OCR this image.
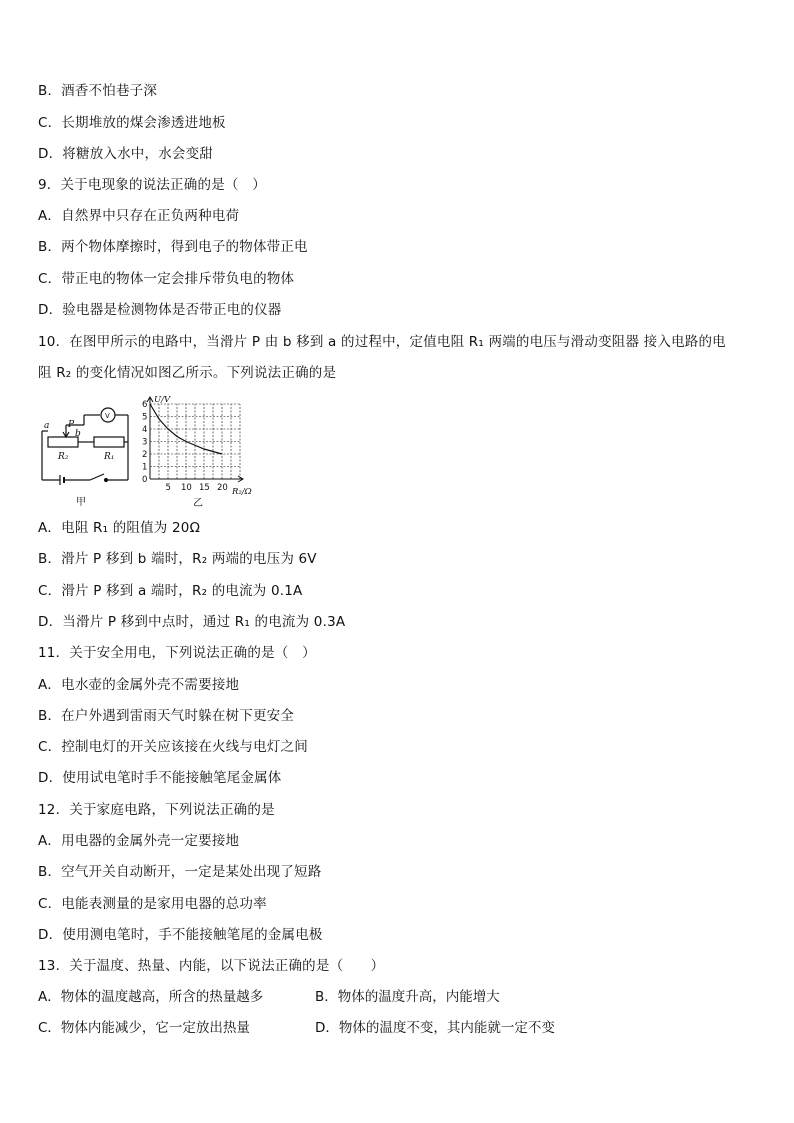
B．酒香不怕巷子深
C．长期堆放的煤会渗透进地板
D．将糖放入水中，水会变甜
9．关于电现象的说法正确的是（　）
A．自然界中只存在正负两种电荷
B．两个物体摩擦时，得到电子的物体带正电
C．带正电的物体一定会排斥带负电的物体
D．验电器是检测物体是否带正电的仪器
10．在图甲所示的电路中，当滑片 P 由 b 移到 a 的过程中，定值电阻 R₁ 两端的电压与滑动变阻器 接入电路的电
阻 R₂ 的变化情况如图乙所示。下列说法正确的是
A．电阻 R₁ 的阻值为 20Ω
B．滑片 P 移到 b 端时，R₂ 两端的电压为 6V
C．滑片 P 移到 a 端时，R₂ 的电流为 0.1A
D．当滑片 P 移到中点时，通过 R₁ 的电流为 0.3A
11．关于安全用电，下列说法正确的是（　）
A．电水壶的金属外壳不需要接地
B．在户外遇到雷雨天气时躲在树下更安全
C．控制电灯的开关应该接在火线与电灯之间
D．使用试电笔时手不能接触笔尾金属体
12．关于家庭电路，下列说法正确的是
A．用电器的金属外壳一定要接地
B．空气开关自动断开，一定是某处出现了短路
C．电能表测量的是家用电器的总功率
D．使用测电笔时，手不能接触笔尾的金属电极
13．关于温度、热量、内能，以下说法正确的是（　　）
A．物体的温度越高，所含的热量越多	B．物体的温度升高，内能增大
C．物体内能减少，它一定放出热量	D．物体的温度不变，其内能就一定不变
a P
b
R₂	R₁
V
甲
0
1
2
3
4
5
6
5 10 15 20
U/V
R₂/Ω
乙
